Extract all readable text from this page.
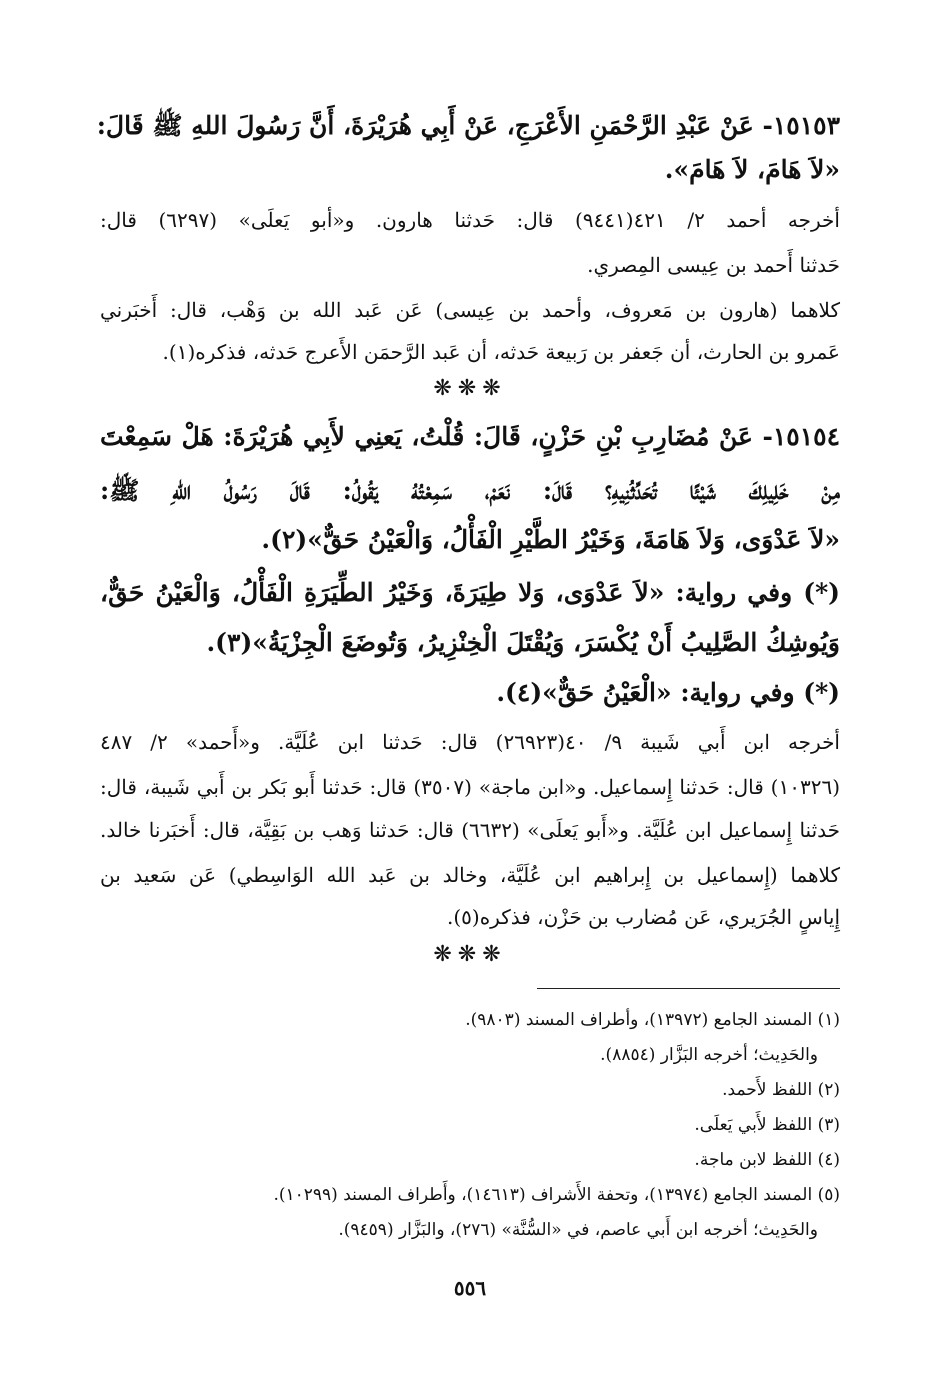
١٥١٥٣- عَنْ عَبْدِ الرَّحْمَنِ الأَعْرَجِ، عَنْ أَبِي هُرَيْرَةَ، أَنَّ رَسُولَ اللهِ ﷺ قَالَ:
«لاَ هَامَ، لاَ هَامَ».
أخرجه أحمد ٢/ ٤٢١(٩٤٤١) قال: حَدثنا هارون. و«أبو يَعلَى» (٦٢٩٧) قال:
حَدثنا أَحمد بن عِيسى المِصري.
كلاهما (هارون بن مَعروف، وأحمد بن عِيسى) عَن عَبد الله بن وَهْب، قال: أَخبَرني
عَمرو بن الحارث، أن جَعفر بن رَبيعة حَدثه، أن عَبد الرَّحمَن الأَعرج حَدثه، فذكره(١).
❋❋❋
١٥١٥٤- عَنْ مُضَارِبِ بْنِ حَزْنٍ، قَالَ: قُلْتُ، يَعنِي لأَبِي هُرَيْرَةَ: هَلْ سَمِعْتَ
مِنْ خَلِيلِكَ شَيْئًا تُحَدِّثُنِيهِ؟ قَالَ: نَعَمْ، سَمِعْتُهُ يَقُولُ: قَالَ رَسُولُ اللهِ ﷺ:
«لاَ عَدْوَى، وَلاَ هَامَةَ، وَخَيْرُ الطَّيْرِ الْفَأْلُ، وَالْعَيْنُ حَقٌّ»(٢).
(*) وفي رواية: «لاَ عَدْوَى، وَلا طِيَرَةَ، وَخَيْرُ الطِّيَرَةِ الْفَأْلُ، وَالْعَيْنُ حَقٌّ،
وَيُوشِكُ الصَّلِيبُ أَنْ يُكْسَرَ، وَيُقْتَلَ الْخِنْزِيرُ، وَتُوضَعَ الْجِزْيَةُ»(٣).
(*) وفي رواية: «الْعَيْنُ حَقٌّ»(٤).
أخرجه ابن أَبي شَيبة ٩/ ٤٠(٢٦٩٢٣) قال: حَدثنا ابن عُلَيَّة. و«أَحمد» ٢/ ٤٨٧
(١٠٣٢٦) قال: حَدثنا إِسماعيل. و«ابن ماجة» (٣٥٠٧) قال: حَدثنا أَبو بَكر بن أَبي شَيبة، قال:
حَدثنا إِسماعيل ابن عُلَيَّة. و«أَبو يَعلَى» (٦٦٣٢) قال: حَدثنا وَهب بن بَقِيَّة، قال: أَخبَرنا خالد.
كلاهما (إِسماعيل بن إِبراهيم ابن عُلَيَّة، وخالد بن عَبد الله الوَاسِطي) عَن سَعيد بن
إِياسٍ الجُرَيري، عَن مُضارب بن حَزْن، فذكره(٥).
❋❋❋
(١) المسند الجامع (١٣٩٧٢)، وأطراف المسند (٩٨٠٣).
والحَدِيث؛ أخرجه البَزَّار (٨٨٥٤).
(٢) اللفظ لأَحمد.
(٣) اللفظ لأَبي يَعلَى.
(٤) اللفظ لابن ماجة.
(٥) المسند الجامع (١٣٩٧٤)، وتحفة الأَشراف (١٤٦١٣)، وأَطراف المسند (١٠٢٩٩).
والحَدِيث؛ أخرجه ابن أَبي عاصم، في «السُّنَّة» (٢٧٦)، والبَزَّار (٩٤٥٩).
٥٥٦
